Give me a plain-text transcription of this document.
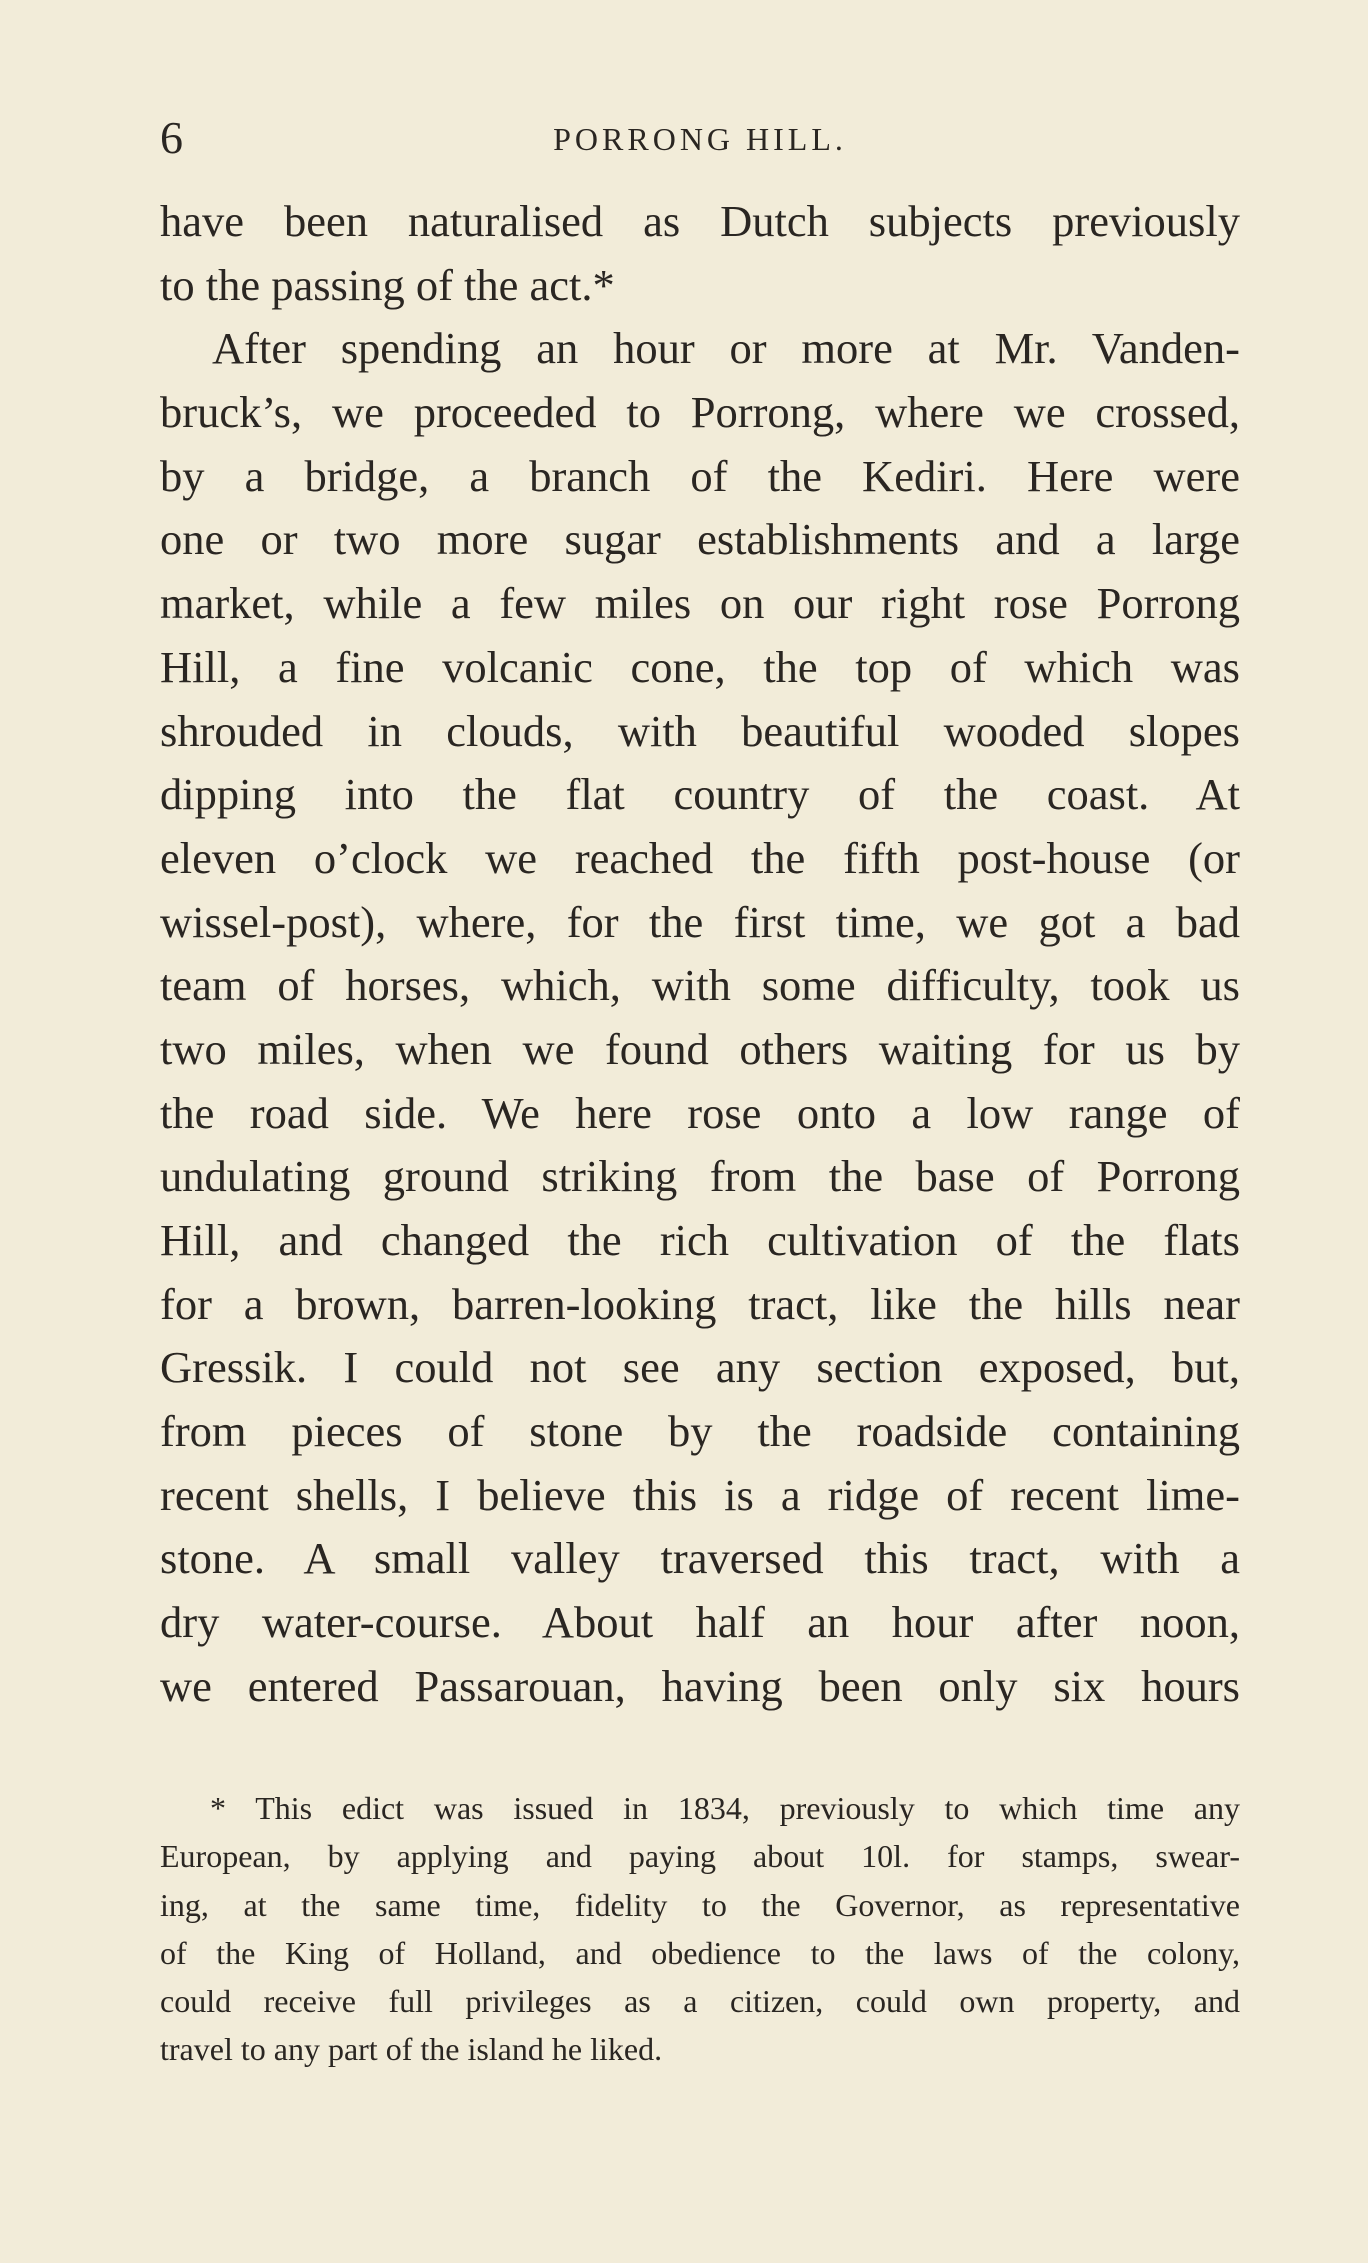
6	PORRONG HILL.
have been naturalised as Dutch subjects previously
to the passing of the act.*
After spending an hour or more at Mr. Vanden-
bruck’s, we proceeded to Porrong, where we crossed,
by a bridge, a branch of the Kediri. Here were
one or two more sugar establishments and a large
market, while a few miles on our right rose Porrong
Hill, a fine volcanic cone, the top of which was
shrouded in clouds, with beautiful wooded slopes
dipping into the flat country of the coast. At
eleven o’clock we reached the fifth post-house (or
wissel-post), where, for the first time, we got a bad
team of horses, which, with some difficulty, took us
two miles, when we found others waiting for us by
the road side. We here rose onto a low range of
undulating ground striking from the base of Porrong
Hill, and changed the rich cultivation of the flats
for a brown, barren-looking tract, like the hills near
Gressik. I could not see any section exposed, but,
from pieces of stone by the roadside containing
recent shells, I believe this is a ridge of recent lime-
stone. A small valley traversed this tract, with a
dry water-course. About half an hour after noon,
we entered Passarouan, having been only six hours
* This edict was issued in 1834, previously to which time any
European, by applying and paying about 10l. for stamps, swear-
ing, at the same time, fidelity to the Governor, as representative
of the King of Holland, and obedience to the laws of the colony,
could receive full privileges as a citizen, could own property, and
travel to any part of the island he liked.
